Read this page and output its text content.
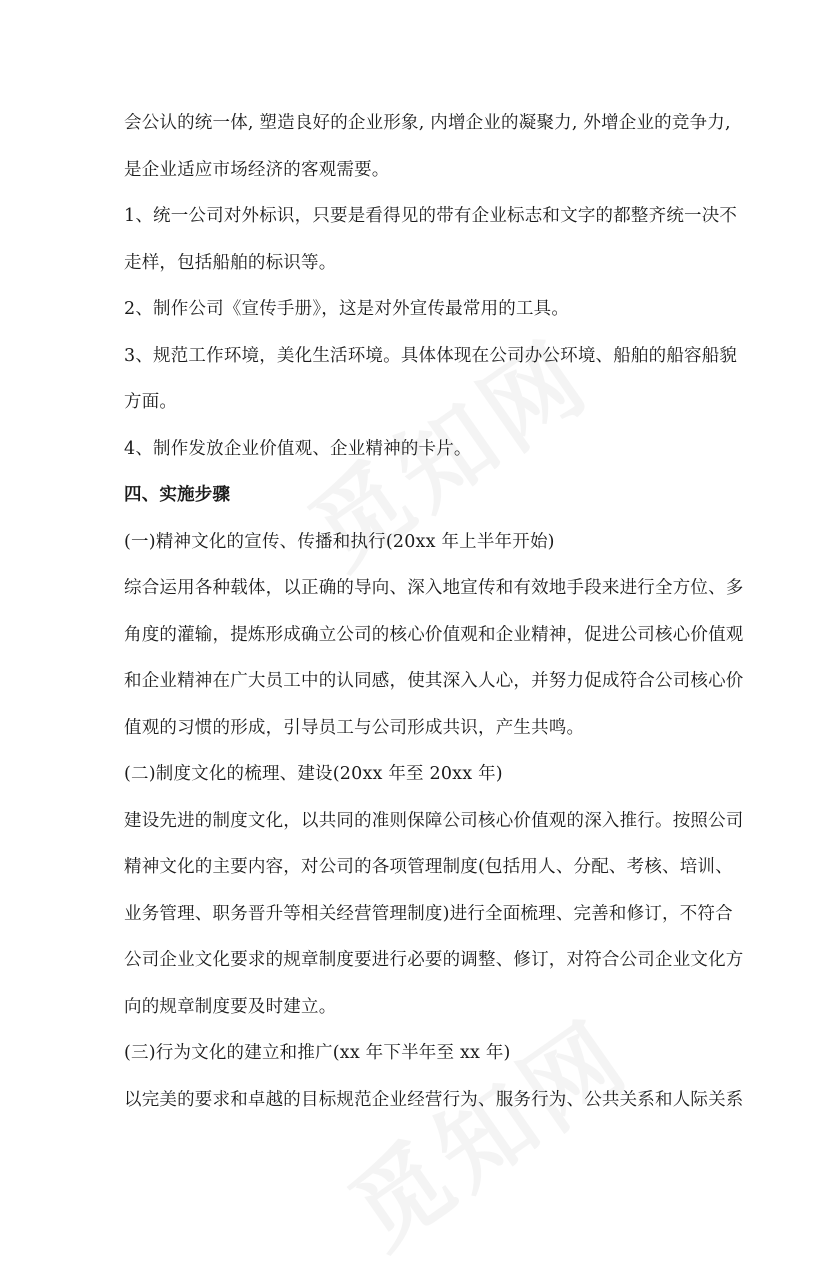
会公认的统一体, 塑造良好的企业形象, 内增企业的凝聚力, 外增企业的竞争力,
是企业适应市场经济的客观需要。
1、统一公司对外标识，只要是看得见的带有企业标志和文字的都整齐统一决不
走样，包括船舶的标识等。
2、制作公司《宣传手册》，这是对外宣传最常用的工具。
3、规范工作环境，美化生活环境。具体体现在公司办公环境、船舶的船容船貌
方面。
4、制作发放企业价值观、企业精神的卡片。
四、实施步骤
(一)精神文化的宣传、传播和执行(20xx 年上半年开始)
综合运用各种载体，以正确的导向、深入地宣传和有效地手段来进行全方位、多
角度的灌输，提炼形成确立公司的核心价值观和企业精神，促进公司核心价值观
和企业精神在广大员工中的认同感，使其深入人心，并努力促成符合公司核心价
值观的习惯的形成，引导员工与公司形成共识，产生共鸣。
(二)制度文化的梳理、建设(20xx 年至 20xx 年)
建设先进的制度文化，以共同的准则保障公司核心价值观的深入推行。按照公司
精神文化的主要内容，对公司的各项管理制度(包括用人、分配、考核、培训、
业务管理、职务晋升等相关经营管理制度)进行全面梳理、完善和修订，不符合
公司企业文化要求的规章制度要进行必要的调整、修订，对符合公司企业文化方
向的规章制度要及时建立。
(三)行为文化的建立和推广(xx 年下半年至 xx 年)
以完美的要求和卓越的目标规范企业经营行为、服务行为、公共关系和人际关系
